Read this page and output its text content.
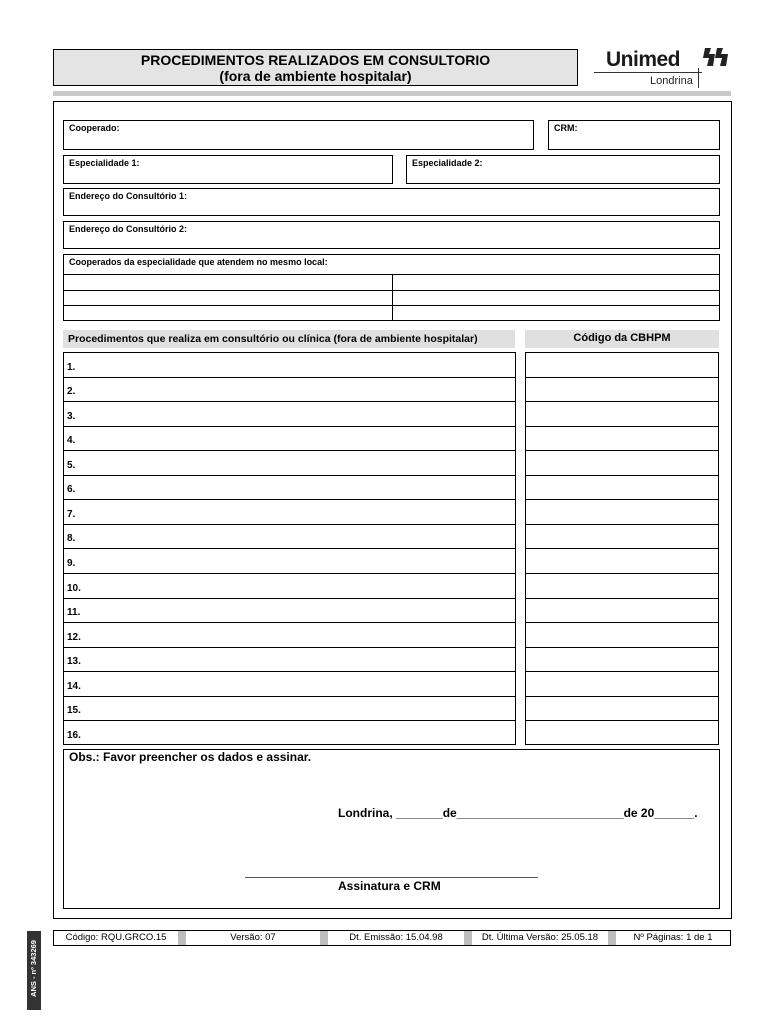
PROCEDIMENTOS REALIZADOS EM CONSULTORIO
(fora de ambiente hospitalar)
Unimed
Londrina
Cooperado:	CRM:
Especialidade 1:	Especialidade 2:
Endereço do Consultório 1:
Endereço do Consultório 2:
Cooperados da especialidade que atendem no mesmo local:
Procedimentos que realiza em consultório ou clínica (fora de ambiente hospitalar)	Código da CBHPM
1.
2.
3.
4.
5.
6.
7.
8.
9.
10.
11.
12.
13.
14.
15.
16.
Obs.: Favor preencher os dados e assinar.
Londrina, _______de_________________________de 20______.
Assinatura e CRM
Código: RQU.GRCO.15	Versão: 07	Dt. Emissão: 15.04.98	Dt. Última Versão: 25.05.18	Nº Páginas: 1 de 1
ANS - nº 343269
